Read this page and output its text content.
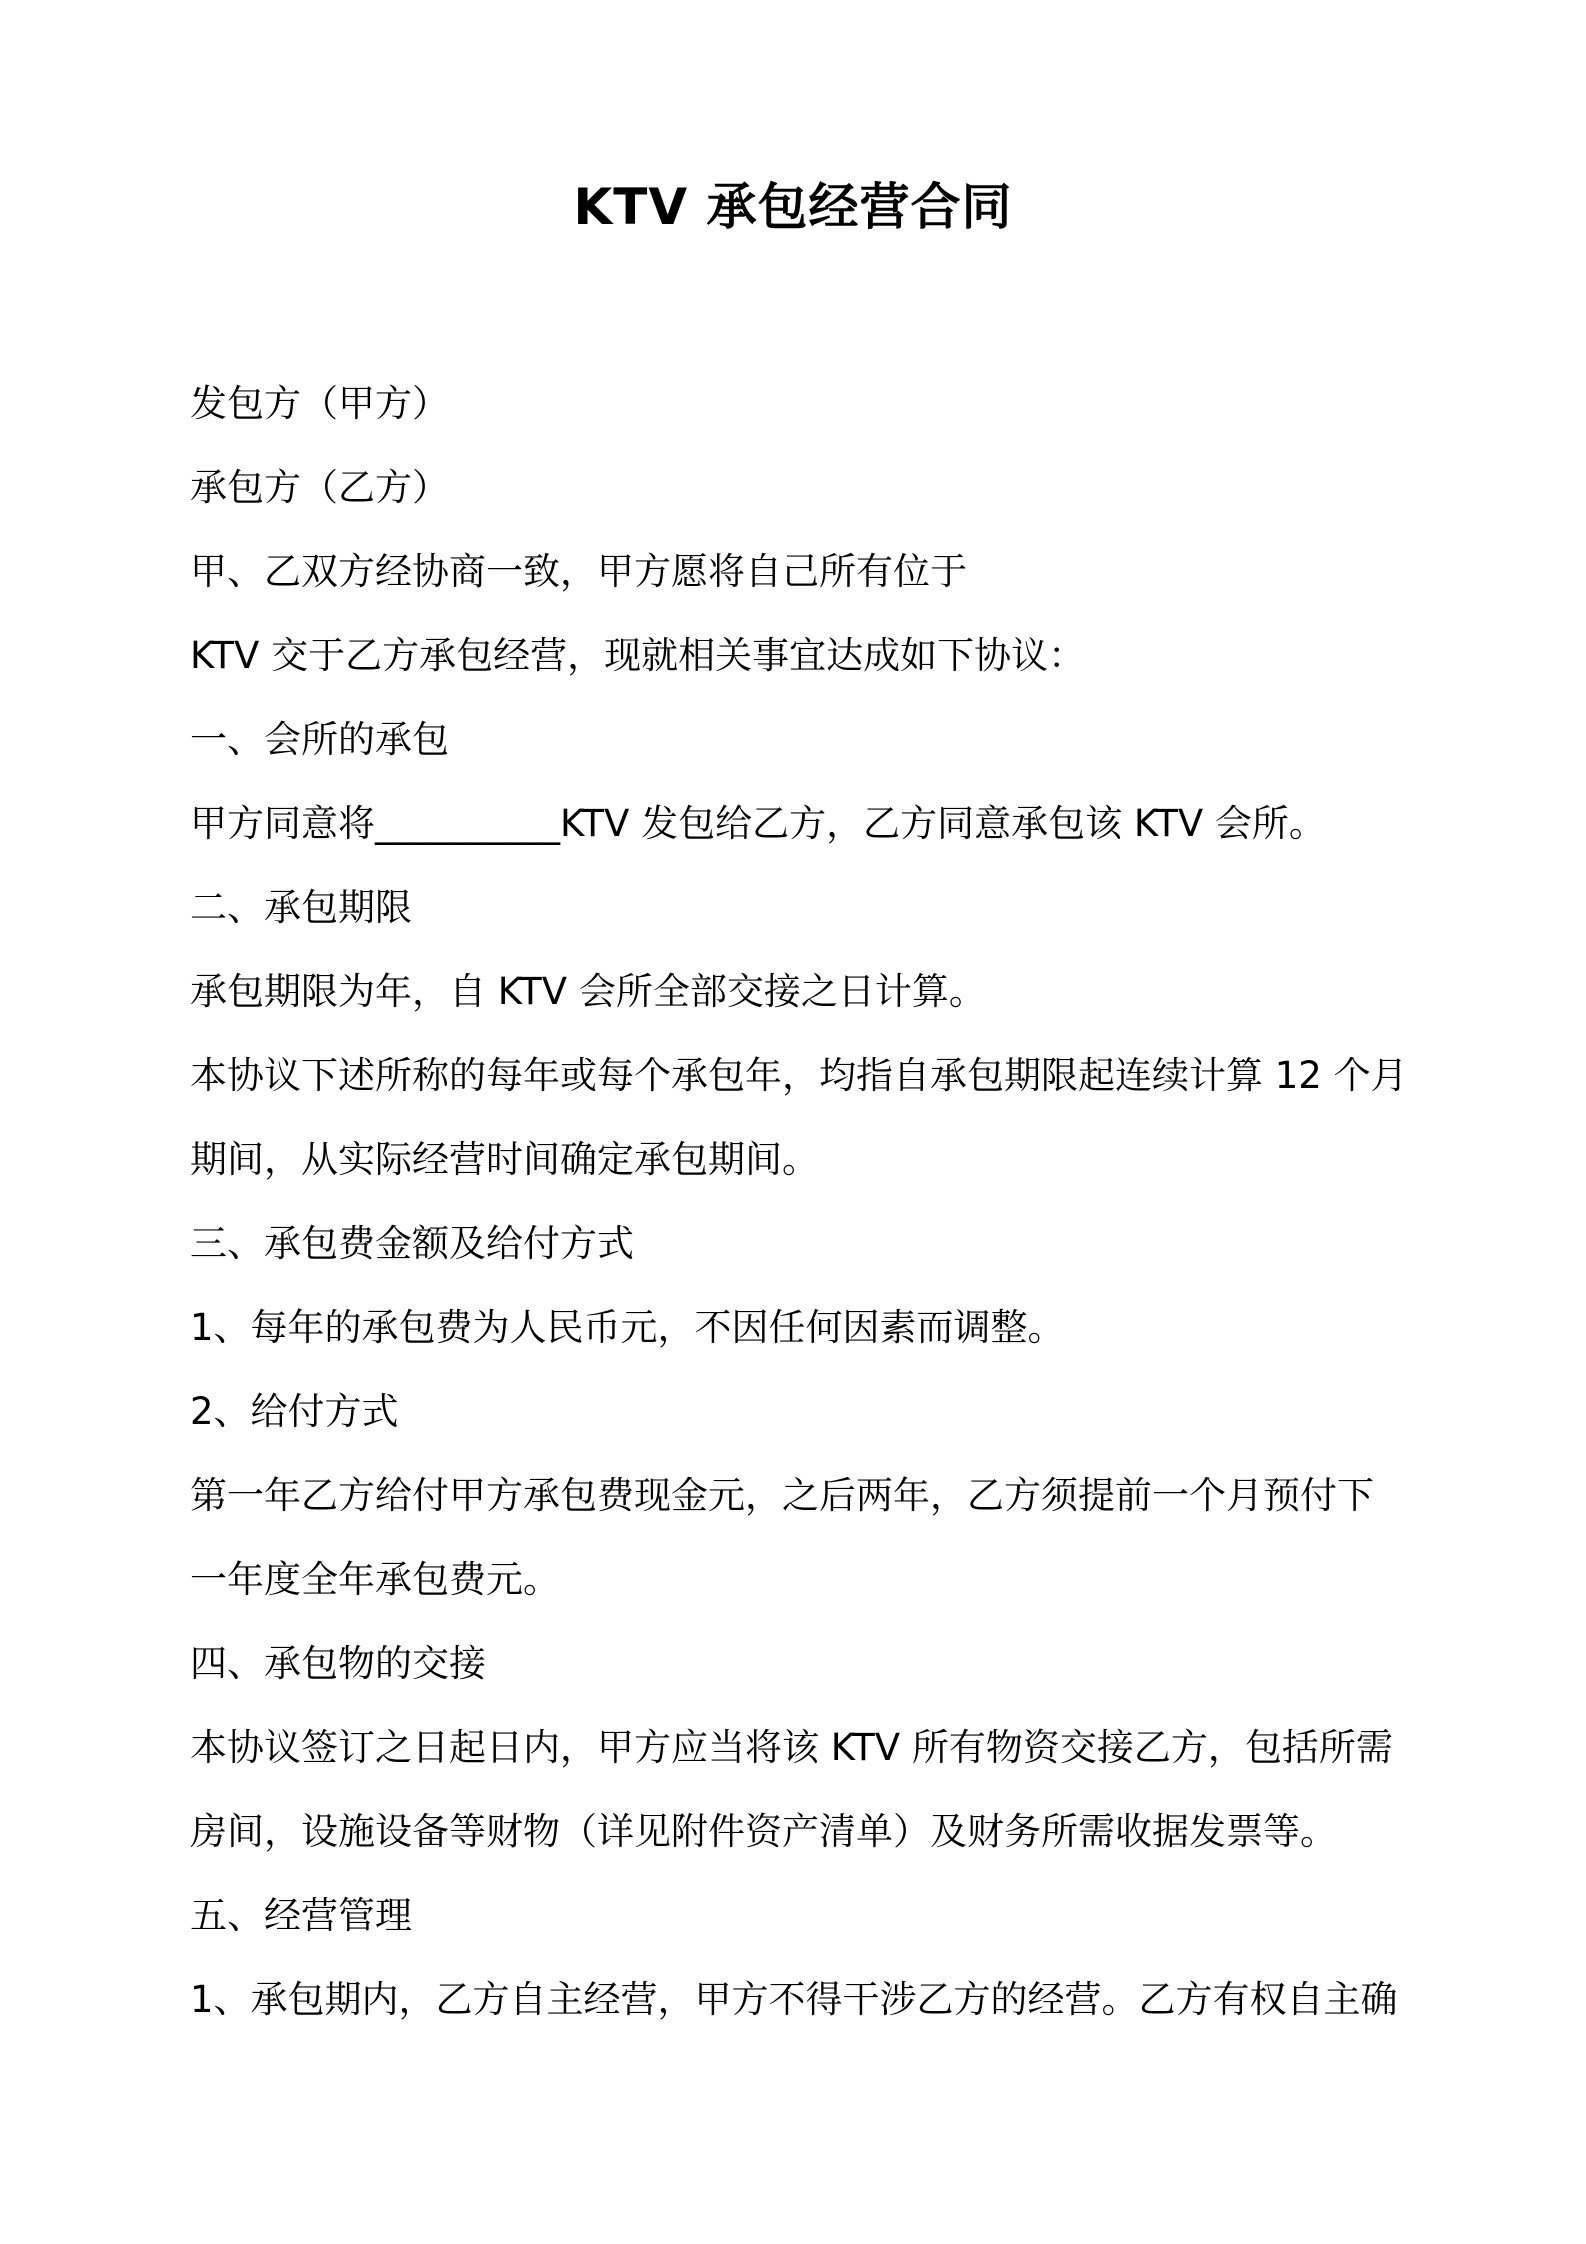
KTV 承包经营合同
发包方（甲方）
承包方（乙方）
甲、乙双方经协商一致，甲方愿将自己所有位于
KTV 交于乙方承包经营，现就相关事宜达成如下协议：
一、会所的承包
甲方同意将__________KTV 发包给乙方，乙方同意承包该 KTV 会所。
二、承包期限
承包期限为年，自 KTV 会所全部交接之日计算。
本协议下述所称的每年或每个承包年，均指自承包期限起连续计算 12 个月
期间，从实际经营时间确定承包期间。
三、承包费金额及给付方式
1、每年的承包费为人民币元，不因任何因素而调整。
2、给付方式
第一年乙方给付甲方承包费现金元，之后两年，乙方须提前一个月预付下
一年度全年承包费元。
四、承包物的交接
本协议签订之日起日内，甲方应当将该 KTV 所有物资交接乙方，包括所需
房间，设施设备等财物（详见附件资产清单）及财务所需收据发票等。
五、经营管理
1、承包期内，乙方自主经营，甲方不得干涉乙方的经营。乙方有权自主确
